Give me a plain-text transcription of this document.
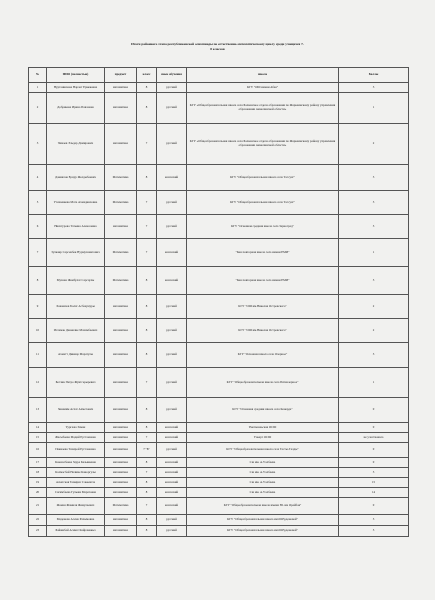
Итоги районного этапа республиканской олимпиады по естественно-математическому циклу среди учащихся 7-
8 классов
№	ФИО (полностью)	предмет	класс	язык обучения	школа	Баллы
1	Нуртаниязова Нарлет Ермековна	математика	8	русский	КГУ "ОШ имени Абая"	3
2	Добрякова Ирина Павловна	математика	8	русский	КГУ «Общеобразовательная школа села Балканское отдела образования по Жаркаинскому району управления образования Акмолинской области»	1
3	Чамаев Эльдар Дамирович	математика	7	русский	КГУ «Общеобразовательная школа села Балканское отдела образования по Жаркаинскому району управления образования Акмолинской области»	2
4	Даниялов Ернур Жолдыбаевич	Математика	8	казахский	КГУ "Общеобразовательная школа села Тассуат"	3
5	Утешевиева Мата Ахмадияловна	Математика	7	русский	КГУ "Общеобразовательная школа села Тассуат"	3
6	Ниязтурова Татьяна Алексеевна	математика	7	русский	КГУ "Основная средняя школа села Зерноград"	3
7	Зулкаир Сарсенбек Нурмухаметович	Математика	7	казахский	"Кен повторная школа села имени ЕМИ"	1
8	Мухаан Жамбулат Сарсаулы	Математика	8	казахский	"Кен повторная школа села имени ЕМИ"	3
9	Хажиахов Болат Асбааумуры	математика	8	русский	КГУ "ОШ им.Николая Островского"	2
10	Исламак Даниелие Махамбаевич	математика	8	русский	КГУ "ОШ им.Николая Островского"	2
11	Ахметт Динмар Маратулы	математика	8	русский	КГУ "Основная школа села Очерное"	3
12	Бесчик Петро Жувтсерыревич	математика	7	русский	КГУ "Общеобразовательная школа села Пятиозерное"	1
13	Зинаиим Асхат Ахметович	математика	8	русский	КГУ "Основная средняя школа села Кенерда"	0
14	Тургажа Заман	математика	8	казахский	Уметкенаьская ОСШ	0
15	Жасыбаева Мадий Рустамовна	математика	7	казахский	Уакарт ОСШ	не участвовала
16	Пакиаева Тохирой Рустамовна	математика	7 "Б"	русский	КГУ "Общеобразовательная школа села Тасты-Талды"	0
17	Кожаалбаева Заура Казьвиевна	математика	8	казахский	Сш им. А.Уалбаева	0
18	Калмасбай Нелиме Каиоргулы	математика	7	казахский	Сш им. А.Уалбаева	3
19	Аскатская Томирис Сакеевгле	математика	8	казахский	Сш им. А.Уалбаева	15
20	Сагимбаева Гульжи Маратовна	математика	8	казахский	Сш им. А.Уалбаева	14
21	Жаман Жамиля Жамулаевич	Математика	7	казахский	КГУ "Общеобразовательная школа имени Ю. им Орайбая"	0
22	Маденова Асема Рахымовна	математика	8	русский	КГУ "Общеобразовательная школа им.Ш.Ерденовой"	3
23	Байжибай Асикат Кайрамакыз	математика	8	русский	КГУ "Общеобразовательная школа им.Ш.Ерденовой"	3
